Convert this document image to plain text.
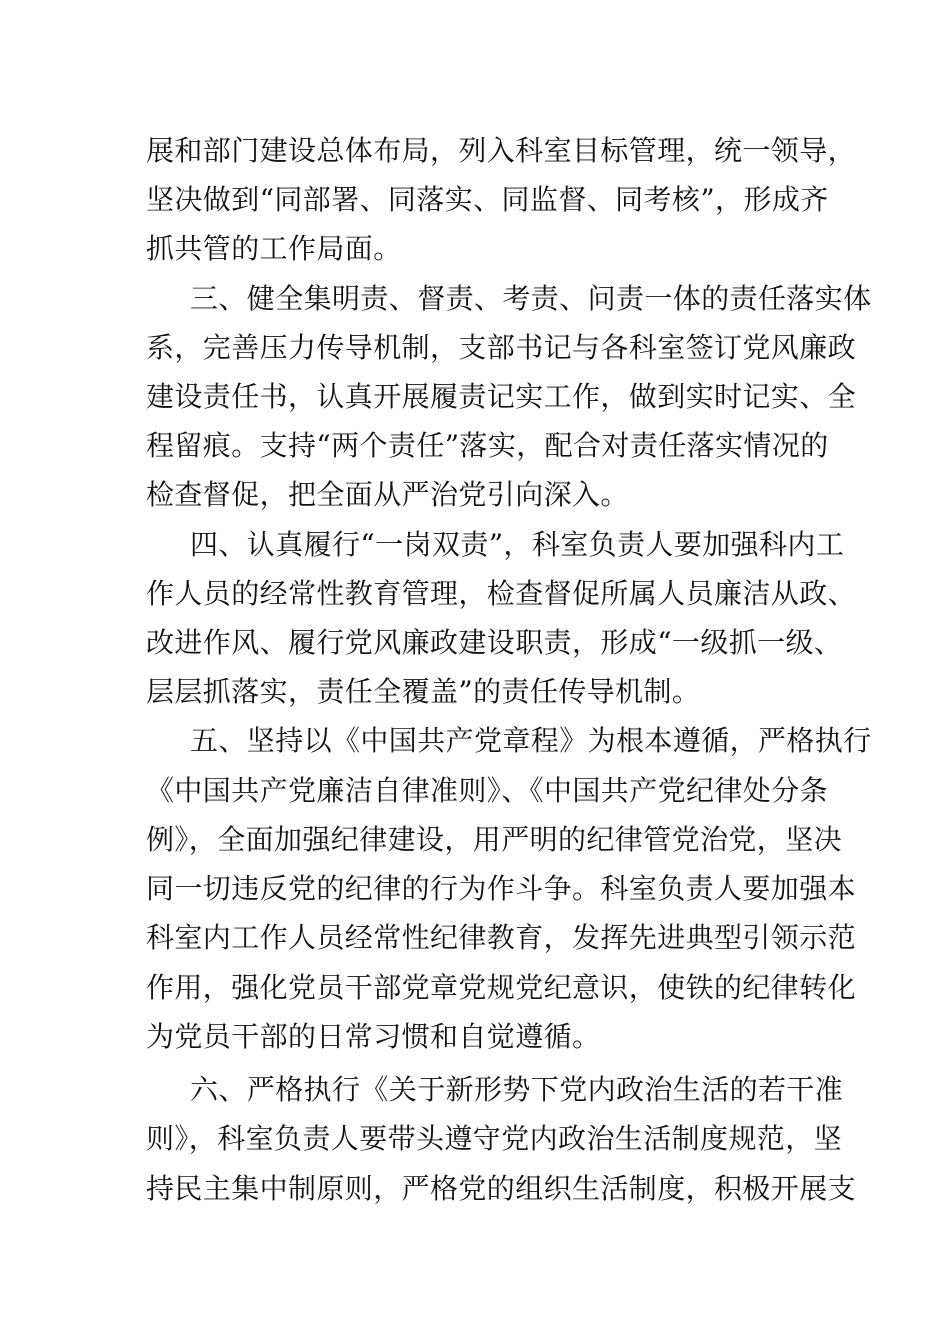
展和部门建设总体布局，列入科室目标管理，统一领导，
坚决做到“同部署、同落实、同监督、同考核”，形成齐
抓共管的工作局面。
三、健全集明责、督责、考责、问责一体的责任落实体
系，完善压力传导机制，支部书记与各科室签订党风廉政
建设责任书，认真开展履责记实工作，做到实时记实、全
程留痕。支持“两个责任”落实，配合对责任落实情况的
检查督促，把全面从严治党引向深入。
四、认真履行“一岗双责”，科室负责人要加强科内工
作人员的经常性教育管理，检查督促所属人员廉洁从政、
改进作风、履行党风廉政建设职责，形成“一级抓一级、
层层抓落实，责任全覆盖”的责任传导机制。
五、坚持以《中国共产党章程》为根本遵循，严格执行
《中国共产党廉洁自律准则》、《中国共产党纪律处分条
例》，全面加强纪律建设，用严明的纪律管党治党，坚决
同一切违反党的纪律的行为作斗争。科室负责人要加强本
科室内工作人员经常性纪律教育，发挥先进典型引领示范
作用，强化党员干部党章党规党纪意识，使铁的纪律转化
为党员干部的日常习惯和自觉遵循。
六、严格执行《关于新形势下党内政治生活的若干准
则》，科室负责人要带头遵守党内政治生活制度规范，坚
持民主集中制原则，严格党的组织生活制度，积极开展支
